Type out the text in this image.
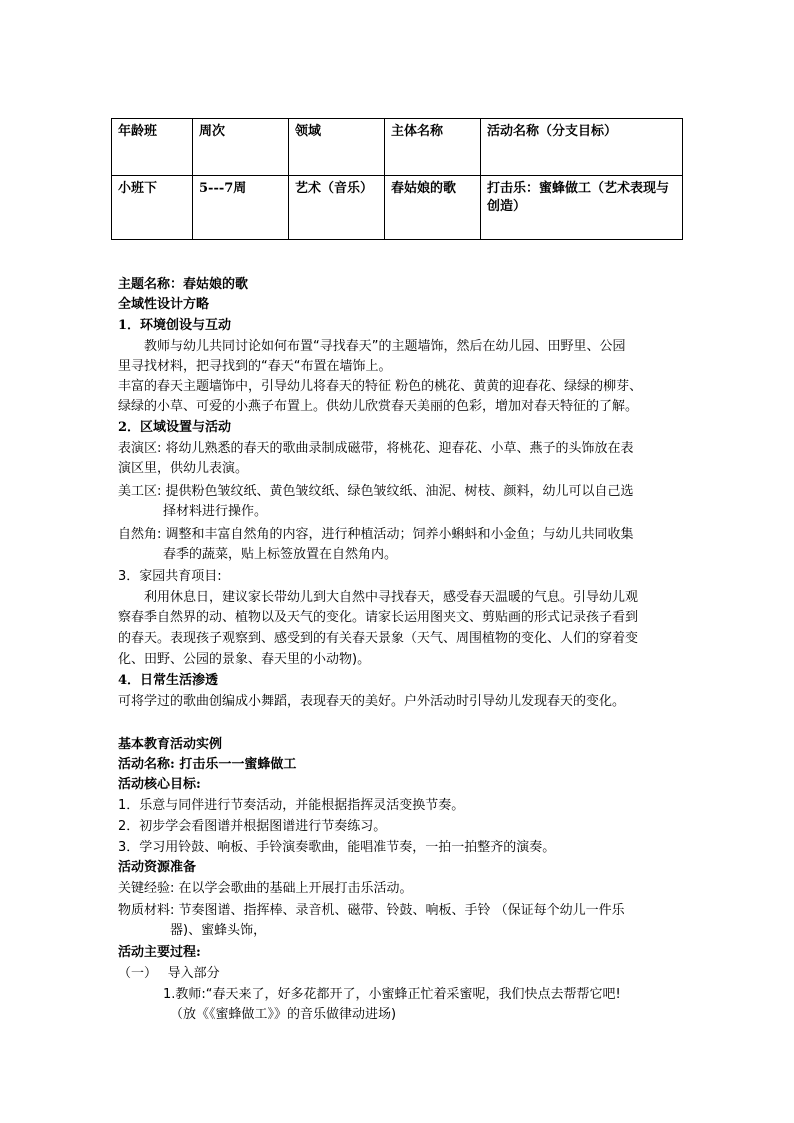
年龄班	周次	领域	主体名称	活动名称（分支目标）
小班下	5---7周	艺术（音乐）	春姑娘的歌	打击乐：蜜蜂做工（艺术表现与创造）
主题名称：春姑娘的歌
全域性设计方略
1．环境创设与互动
教师与幼儿共同讨论如何布置“寻找春天”的主题墙饰，然后在幼儿园、田野里、公园
里寻找材料，把寻找到的“春天“布置在墙饰上。
丰富的春天主题墙饰中，引导幼儿将春天的特征 粉色的桃花、黄黄的迎春花、绿绿的柳芽、
绿绿的小草、可爱的小燕子布置上。供幼儿欣赏春天美丽的色彩，增加对春天特征的了解。
2．区域设置与活动
表演区: 将幼儿熟悉的春天的歌曲录制成磁带，将桃花、迎春花、小草、燕子的头饰放在表
演区里，供幼儿表演。
美工区: 提供粉色皱纹纸、黄色皱纹纸、绿色皱纹纸、油泥、树枝、颜料，幼儿可以自己选
择材料进行操作。
自然角: 调整和丰富自然角的内容，进行种植活动；饲养小蝌蚪和小金鱼；与幼儿共同收集
春季的蔬菜，贴上标签放置在自然角内。
3．家园共育项目:
利用休息日，建议家长带幼儿到大自然中寻找春天，感受春天温暖的气息。引导幼儿观
察春季自然界的动、植物以及天气的变化。请家长运用图夹文、剪贴画的形式记录孩子看到
的春天。表现孩子观察到、感受到的有关春天景象（天气、周围植物的变化、人们的穿着变
化、田野、公园的景象、春天里的小动物)。
4．日常生活渗透
可将学过的歌曲创编成小舞蹈，表现春天的美好。户外活动时引导幼儿发现春天的变化。
基本教育活动实例
活动名称: 打击乐一一蜜蜂做工
活动核心目标:
1．乐意与同伴进行节奏活动，并能根据指挥灵活变换节奏。
2．初步学会看图谱并根据图谱进行节奏练习。
3．学习用铃鼓、响板、手铃演奏歌曲，能唱准节奏，一拍一拍整齐的演奏。
活动资源准备
关键经验: 在以学会歌曲的基础上开展打击乐活动。
物质材料: 节奏图谱、指挥棒、录音机、磁带、铃鼓、响板、手铃 （保证每个幼儿一件乐
器)、蜜蜂头饰，
活动主要过程:
（一）　 导入部分
1.教师:“春天来了，好多花都开了，小蜜蜂正忙着采蜜呢，我们快点去帮帮它吧!
（放《《蜜蜂做工》》的音乐做律动进场)
